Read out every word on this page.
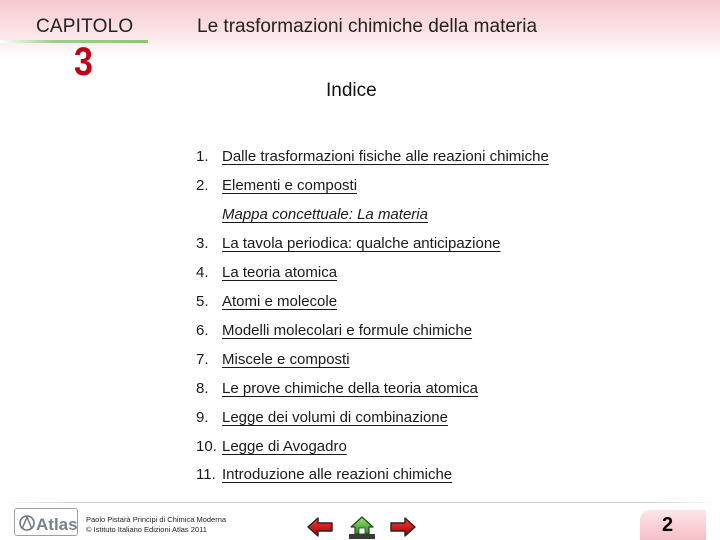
CAPITOLO
3
Le trasformazioni chimiche della materia
Indice
1. Dalle trasformazioni fisiche alle reazioni chimiche
2. Elementi e composti
Mappa concettuale: La materia
3. La tavola periodica: qualche anticipazione
4. La teoria atomica
5. Atomi e molecole
6. Modelli molecolari e formule chimiche
7. Miscele e composti
8. Le prove chimiche della teoria atomica
9. Legge dei volumi di combinazione
10. Legge di Avogadro
11. Introduzione alle reazioni chimiche
Atlas Paolo Pistarà Principi di Chimica Moderna
© Istituto Italiano Edizioni Atlas 2011	2
